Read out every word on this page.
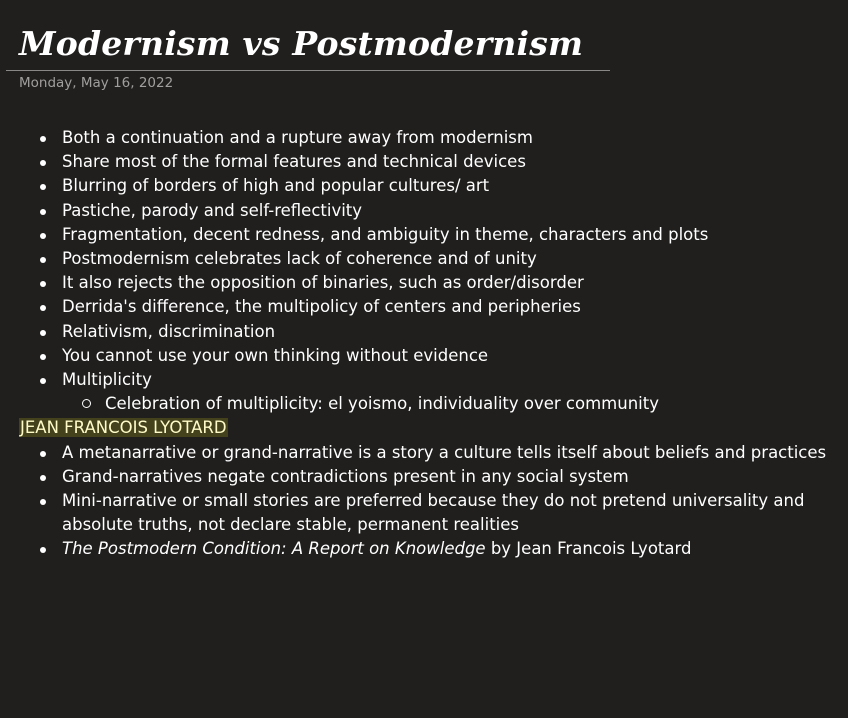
Modernism vs Postmodernism
Monday, May 16, 2022
Both a continuation and a rupture away from modernism
Share most of the formal features and technical devices
Blurring of borders of high and popular cultures/ art
Pastiche, parody and self-reflectivity
Fragmentation, decent redness, and ambiguity in theme, characters and plots
Postmodernism celebrates lack of coherence and of unity
It also rejects the opposition of binaries, such as order/disorder
Derrida's difference, the multipolicy of centers and peripheries
Relativism, discrimination
You cannot use your own thinking without evidence
Multiplicity
Celebration of multiplicity: el yoismo, individuality over community
JEAN FRANCOIS LYOTARD
A metanarrative or grand-narrative is a story a culture tells itself about beliefs and practices
Grand-narratives negate contradictions present in any social system
Mini-narrative or small stories are preferred because they do not pretend universality and absolute truths, not declare stable, permanent realities
The Postmodern Condition: A Report on Knowledge by Jean Francois Lyotard
